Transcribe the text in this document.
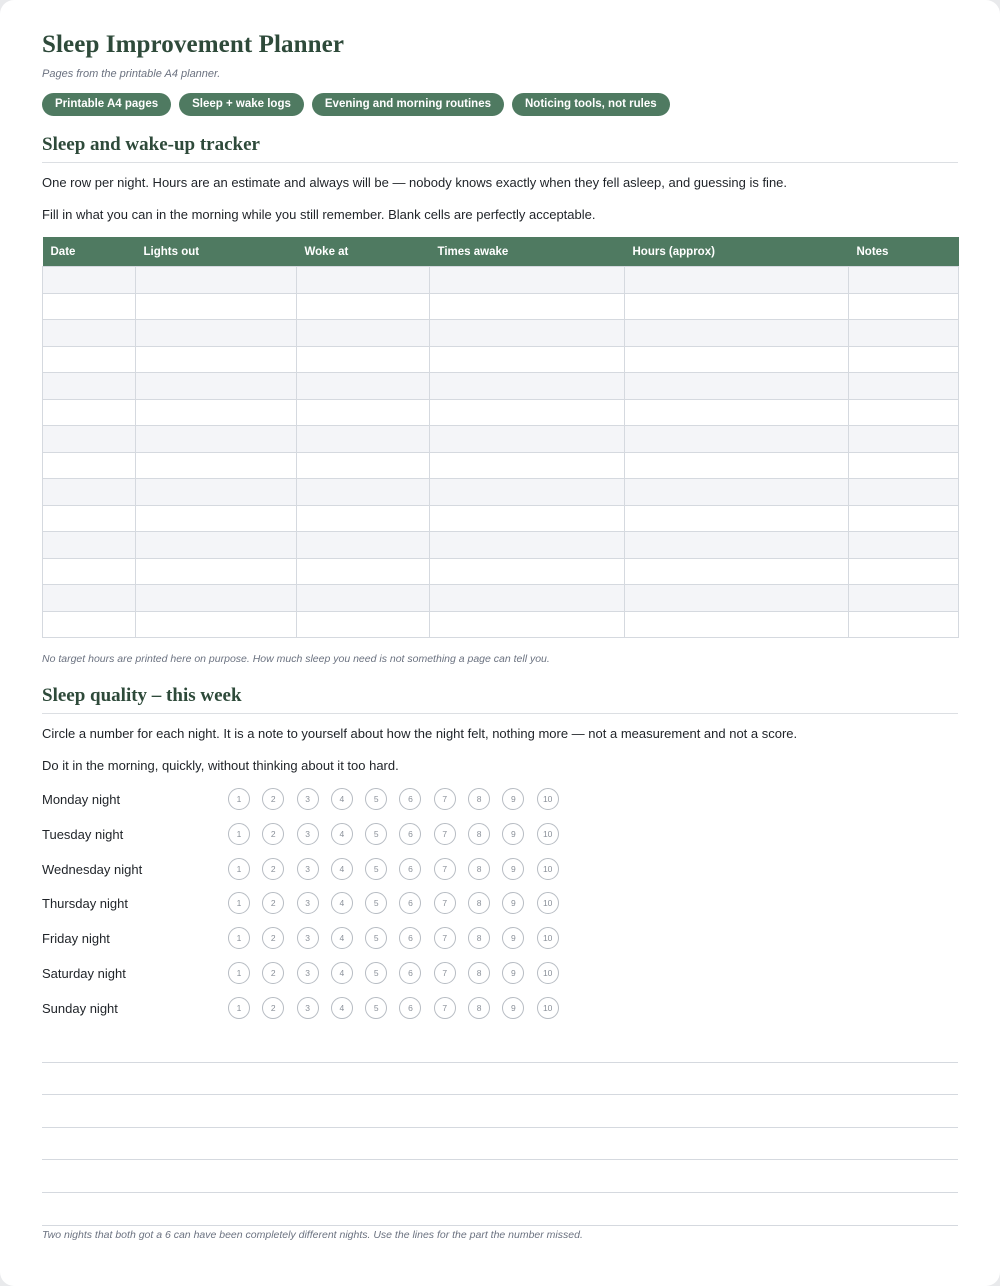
Sleep Improvement Planner
Pages from the printable A4 planner.
Printable A4 pages	Sleep + wake logs	Evening and morning routines	Noticing tools, not rules
Sleep and wake-up tracker
One row per night. Hours are an estimate and always will be — nobody knows exactly when they fell asleep, and guessing is fine.
Fill in what you can in the morning while you still remember. Blank cells are perfectly acceptable.
Date	Lights out	Woke at	Times awake	Hours (approx)	Notes

No target hours are printed here on purpose. How much sleep you need is not something a page can tell you.
Sleep quality – this week
Circle a number for each night. It is a note to yourself about how the night felt, nothing more — not a measurement and not a score.
Do it in the morning, quickly, without thinking about it too hard.
Monday night	1	2	3	4	5	6	7	8	9	10
Tuesday night	1	2	3	4	5	6	7	8	9	10
Wednesday night	1	2	3	4	5	6	7	8	9	10
Thursday night	1	2	3	4	5	6	7	8	9	10
Friday night	1	2	3	4	5	6	7	8	9	10
Saturday night	1	2	3	4	5	6	7	8	9	10
Sunday night	1	2	3	4	5	6	7	8	9	10
Two nights that both got a 6 can have been completely different nights. Use the lines for the part the number missed.
